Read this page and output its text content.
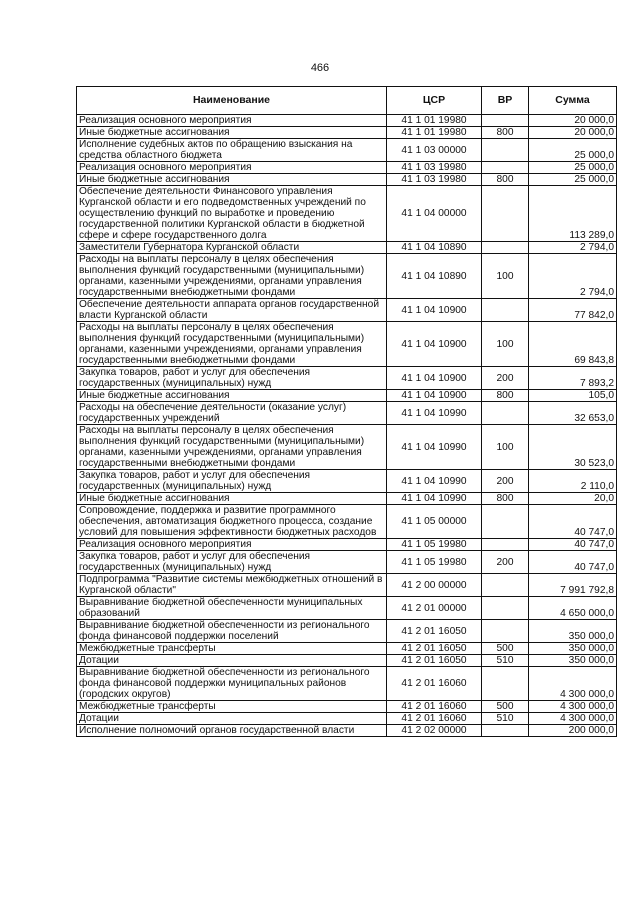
466
Наименование	ЦСР	ВР	Сумма
Реализация основного мероприятия	41 1 01 19980		20 000,0
Иные бюджетные ассигнования	41 1 01 19980	800	20 000,0
Исполнение судебных актов по обращению взыскания на средства областного бюджета	41 1 03 00000		25 000,0
Реализация основного мероприятия	41 1 03 19980		25 000,0
Иные бюджетные ассигнования	41 1 03 19980	800	25 000,0
Обеспечение деятельности Финансового управления Курганской области и его подведомственных учреждений по осуществлению функций по выработке и проведению государственной политики Курганской области в бюджетной сфере и сфере государственного долга	41 1 04 00000		113 289,0
Заместители Губернатора Курганской области	41 1 04 10890		2 794,0
Расходы на выплаты персоналу в целях обеспечения выполнения функций государственными (муниципальными) органами, казенными учреждениями, органами управления государственными внебюджетными фондами	41 1 04 10890	100	2 794,0
Обеспечение деятельности аппарата органов государственной власти Курганской области	41 1 04 10900		77 842,0
Расходы на выплаты персоналу в целях обеспечения выполнения функций государственными (муниципальными) органами, казенными учреждениями, органами управления государственными внебюджетными фондами	41 1 04 10900	100	69 843,8
Закупка товаров, работ и услуг для обеспечения государственных (муниципальных) нужд	41 1 04 10900	200	7 893,2
Иные бюджетные ассигнования	41 1 04 10900	800	105,0
Расходы на обеспечение деятельности (оказание услуг) государственных учреждений	41 1 04 10990		32 653,0
Расходы на выплаты персоналу в целях обеспечения выполнения функций государственными (муниципальными) органами, казенными учреждениями, органами управления государственными внебюджетными фондами	41 1 04 10990	100	30 523,0
Закупка товаров, работ и услуг для обеспечения государственных (муниципальных) нужд	41 1 04 10990	200	2 110,0
Иные бюджетные ассигнования	41 1 04 10990	800	20,0
Сопровождение, поддержка и развитие программного обеспечения, автоматизация бюджетного процесса, создание условий для повышения эффективности бюджетных расходов	41 1 05 00000		40 747,0
Реализация основного мероприятия	41 1 05 19980		40 747,0
Закупка товаров, работ и услуг для обеспечения государственных (муниципальных) нужд	41 1 05 19980	200	40 747,0
Подпрограмма "Развитие системы межбюджетных отношений в Курганской области"	41 2 00 00000		7 991 792,8
Выравнивание бюджетной обеспеченности муниципальных образований	41 2 01 00000		4 650 000,0
Выравнивание бюджетной обеспеченности из регионального фонда финансовой поддержки поселений	41 2 01 16050		350 000,0
Межбюджетные трансферты	41 2 01 16050	500	350 000,0
Дотации	41 2 01 16050	510	350 000,0
Выравнивание бюджетной обеспеченности из регионального фонда финансовой поддержки муниципальных районов (городских округов)	41 2 01 16060		4 300 000,0
Межбюджетные трансферты	41 2 01 16060	500	4 300 000,0
Дотации	41 2 01 16060	510	4 300 000,0
Исполнение полномочий органов государственной власти	41 2 02 00000		200 000,0
